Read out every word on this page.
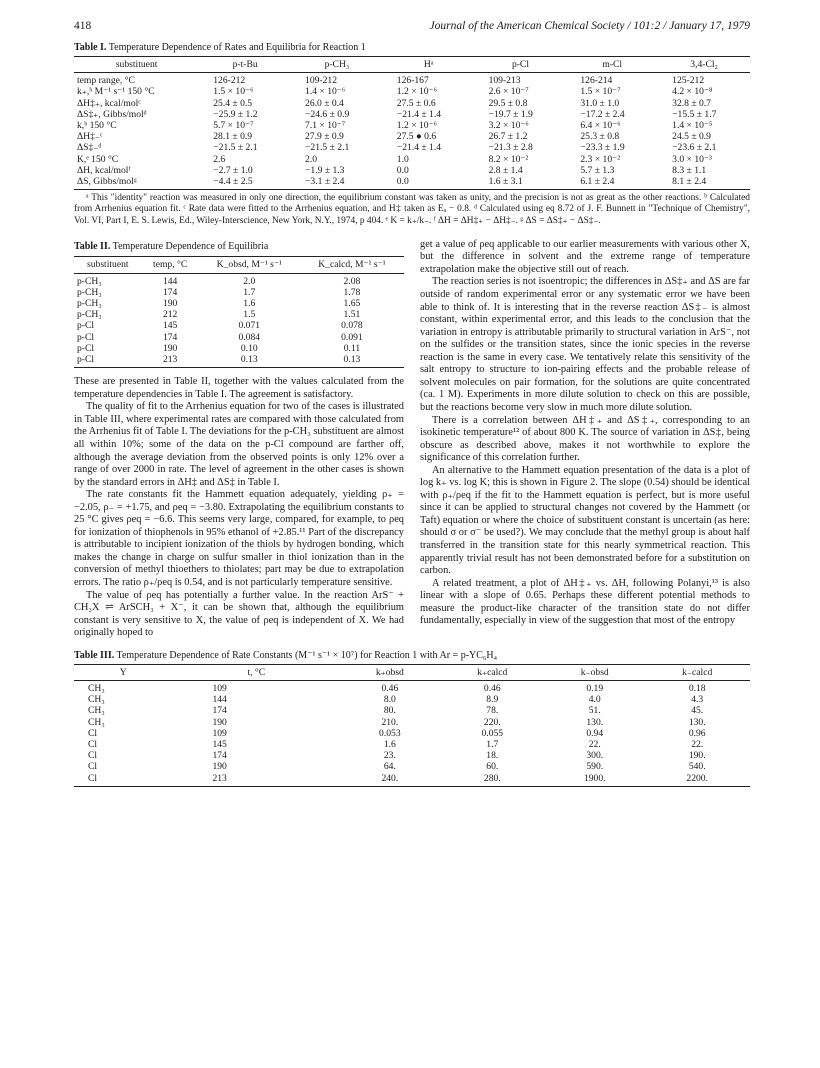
418	Journal of the American Chemical Society / 101:2 / January 17, 1979
Table I. Temperature Dependence of Rates and Equilibria for Reaction 1
substituent	p-t-Bu	p-CH₃	Hᵃ	p-Cl	m-Cl	3,4-Cl₂
temp range, °C	126-212	109-212	126-167	109-213	126-214	125-212
k₊,ᵇ M⁻¹ s⁻¹ 150 °C	1.5 × 10⁻⁶	1.4 × 10⁻⁶	1.2 × 10⁻⁶	2.6 × 10⁻⁷	1.5 × 10⁻⁷	4.2 × 10⁻⁸
ΔH‡₊, kcal/molᶜ	25.4 ± 0.5	26.0 ± 0.4	27.5 ± 0.6	29.5 ± 0.8	31.0 ± 1.0	32.8 ± 0.7
ΔS‡₊, Gibbs/molᵈ	−25.9 ± 1.2	−24.6 ± 0.9	−21.4 ± 1.4	−19.7 ± 1.9	−17.2 ± 2.4	−15.5 ± 1.7
k,ᵇ 150 °C	5.7 × 10⁻⁷	7.1 × 10⁻⁷	1.2 × 10⁻⁶	3.2 × 10⁻⁶	6.4 × 10⁻⁶	1.4 × 10⁻⁵
ΔH‡₋ᶜ	28.1 ± 0.9	27.9 ± 0.9	27.5 ● 0.6	26.7 ± 1.2	25.3 ± 0.8	24.5 ± 0.9
ΔS‡₋ᵈ	−21.5 ± 2.1	−21.5 ± 2.1	−21.4 ± 1.4	−21.3 ± 2.8	−23.3 ± 1.9	−23.6 ± 2.1
K,ᵉ 150 °C	2.6	2.0	1.0	8.2 × 10⁻²	2.3 × 10⁻²	3.0 × 10⁻³
ΔH, kcal/molᶠ	−2.7 ± 1.0	−1.9 ± 1.3	0.0	2.8 ± 1.4	5.7 ± 1.3	8.3 ± 1.1
ΔS, Gibbs/molᵍ	−4.4 ± 2.5	−3.1 ± 2.4	0.0	1.6 ± 3.1	6.1 ± 2.4	8.1 ± 2.4
ᵃ This "identity" reaction was measured in only one direction, the equilibrium constant was taken as unity, and the precision is not as great as the other reactions. ᵇ Calculated from Arrhenius equation fit. ᶜ Rate data were fitted to the Arrhenius equation, and H‡ taken as Eₐ − 0.8. ᵈ Calculated using eq 8.72 of J. F. Bunnett in "Technique of Chemistry", Vol. VI, Part I, E. S. Lewis, Ed., Wiley-Interscience, New York, N.Y., 1974, p 404. ᵉ K = k₊/k₋. ᶠ ΔH = ΔH‡₊ − ΔH‡₋. ᵍ ΔS = ΔS‡₊ − ΔS‡₋.
Table II. Temperature Dependence of Equilibria
substituent	temp, °C	K_obsd, M⁻¹ s⁻¹	K_calcd, M⁻¹ s⁻¹
p-CH₃	144	2.0	2.08
p-CH₃	174	1.7	1.78
p-CH₃	190	1.6	1.65
p-CH₃	212	1.5	1.51
p-Cl	145	0.071	0.078
p-Cl	174	0.084	0.091
p-Cl	190	0.10	0.11
p-Cl	213	0.13	0.13

These are presented in Table II, together with the values calculated from the temperature dependencies in Table I. The agreement is satisfactory.

The quality of fit to the Arrhenius equation for two of the cases is illustrated in Table III, where experimental rates are compared with those calculated from the Arrhenius fit of Table I. The deviations for the p-CH₃ substituent are almost all within 10%; some of the data on the p-Cl compound are farther off, although the average deviation from the observed points is only 12% over a range of over 2000 in rate. The level of agreement in the other cases is shown by the standard errors in ΔH‡ and ΔS‡ in Table I.

The rate constants fit the Hammett equation adequately, yielding ρ₊ = −2.05, ρ₋ = +1.75, and ρeq = −3.80. Extrapolating the equilibrium constants to 25 °C gives ρeq = −6.6. This seems very large, compared, for example, to ρeq for ionization of thiophenols in 95% ethanol of +2.85.¹¹ Part of the discrepancy is attributable to incipient ionization of the thiols by hydrogen bonding, which makes the change in charge on sulfur smaller in thiol ionization than in the conversion of methyl thioethers to thiolates; part may be due to extrapolation errors. The ratio ρ₊/ρeq is 0.54, and is not particularly temperature sensitive.

The value of ρeq has potentially a further value. In the reaction ArS⁻ + CH₃X ⇌ ArSCH₃ + X⁻, it can be shown that, although the equilibrium constant is very sensitive to X, the value of ρeq is independent of X. We had originally hoped to

get a value of ρeq applicable to our earlier measurements with various other X, but the difference in solvent and the extreme range of temperature extrapolation make the objective still out of reach.

The reaction series is not isoentropic; the differences in ΔS‡₊ and ΔS are far outside of random experimental error or any systematic error we have been able to think of. It is interesting that in the reverse reaction ΔS‡₋ is almost constant, within experimental error, and this leads to the conclusion that the variation in entropy is attributable primarily to structural variation in ArS⁻, not on the sulfides or the transition states, since the ionic species in the reverse reaction is the same in every case. We tentatively relate this sensitivity of the salt entropy to structure to ion-pairing effects and the probable release of solvent molecules on pair formation, for the solutions are quite concentrated (ca. 1 M). Experiments in more dilute solution to check on this are possible, but the reactions become very slow in much more dilute solution.

There is a correlation between ΔH‡₊ and ΔS‡₊, corresponding to an isokinetic temperature¹² of about 800 K. The source of variation in ΔS‡, being obscure as described above, makes it not worthwhile to explore the significance of this correlation further.

An alternative to the Hammett equation presentation of the data is a plot of log k₊ vs. log K; this is shown in Figure 2. The slope (0.54) should be identical with ρ₊/ρeq if the fit to the Hammett equation is perfect, but is more useful since it can be applied to structural changes not covered by the Hammett (or Taft) equation or where the choice of substituent constant is uncertain (as here: should σ or σ⁻ be used?). We may conclude that the methyl group is about half transferred in the transition state for this nearly symmetrical reaction. This apparently trivial result has not been demonstrated before for a substitution on carbon.

A related treatment, a plot of ΔH‡₊ vs. ΔH, following Polanyi,¹³ is also linear with a slope of 0.65. Perhaps these different potential methods to measure the product-like character of the transition state do not differ fundamentally, especially in view of the suggestion that most of the entropy

Table III. Temperature Dependence of Rate Constants (M⁻¹ s⁻¹ × 10⁷) for Reaction 1 with Ar = p-YC₆H₄
Y	t, °C	k₊obsd	k₊calcd	k₋obsd	k₋calcd
CH₃	109	0.46	0.46	0.19	0.18
CH₃	144	8.0	8.9	4.0	4.3
CH₃	174	80.	78.	51.	45.
CH₃	190	210.	220.	130.	130.
Cl	109	0.053	0.055	0.94	0.96
Cl	145	1.6	1.7	22.	22.
Cl	174	23.	18.	300.	190.
Cl	190	64.	60.	590.	540.
Cl	213	240.	280.	1900.	2200.
